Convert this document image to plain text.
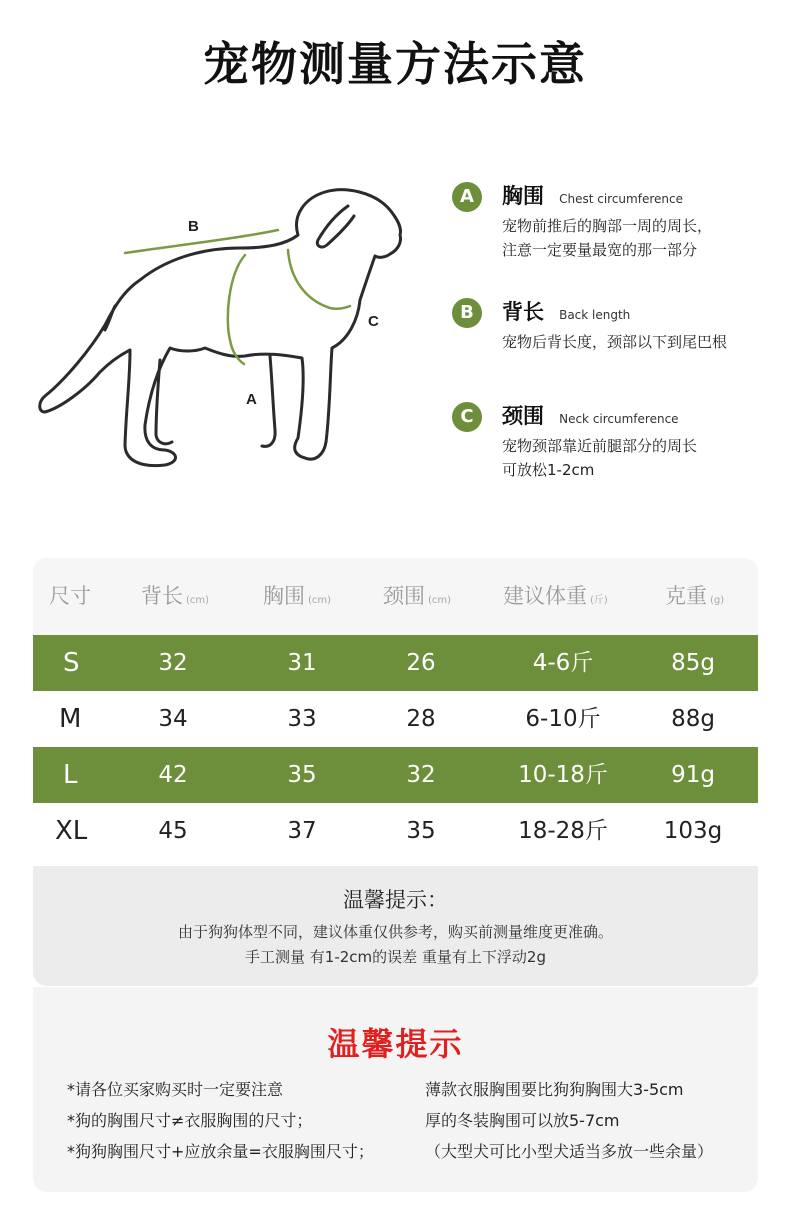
宠物测量方法示意
B
A
C
A	胸围 Chest circumference
宠物前推后的胸部一周的周长，
注意一定要量最宽的那一部分
B	背长 Back length
宠物后背长度，颈部以下到尾巴根
C	颈围 Neck circumference
宠物颈部靠近前腿部分的周长
可放松1-2cm
尺寸 背长 (cm)	胸围 (cm) 颈围 (cm) 建议体重 (斤)	克重 (g)
S	32	31	26	4-6斤	85g
M	34	33	28	6-10斤	88g
L	42	35	32	10-18斤	91g
XL	45	37	35	18-28斤	103g
温馨提示：
由于狗狗体型不同，建议体重仅供参考，购买前测量维度更准确。
手工测量 有1-2cm的误差 重量有上下浮动2g
温馨提示
*请各位买家购买时一定要注意
*狗的胸围尺寸≠衣服胸围的尺寸；
*狗狗胸围尺寸+应放余量=衣服胸围尺寸；
薄款衣服胸围要比狗狗胸围大3-5cm
厚的冬装胸围可以放5-7cm
（大型犬可比小型犬适当多放一些余量）
